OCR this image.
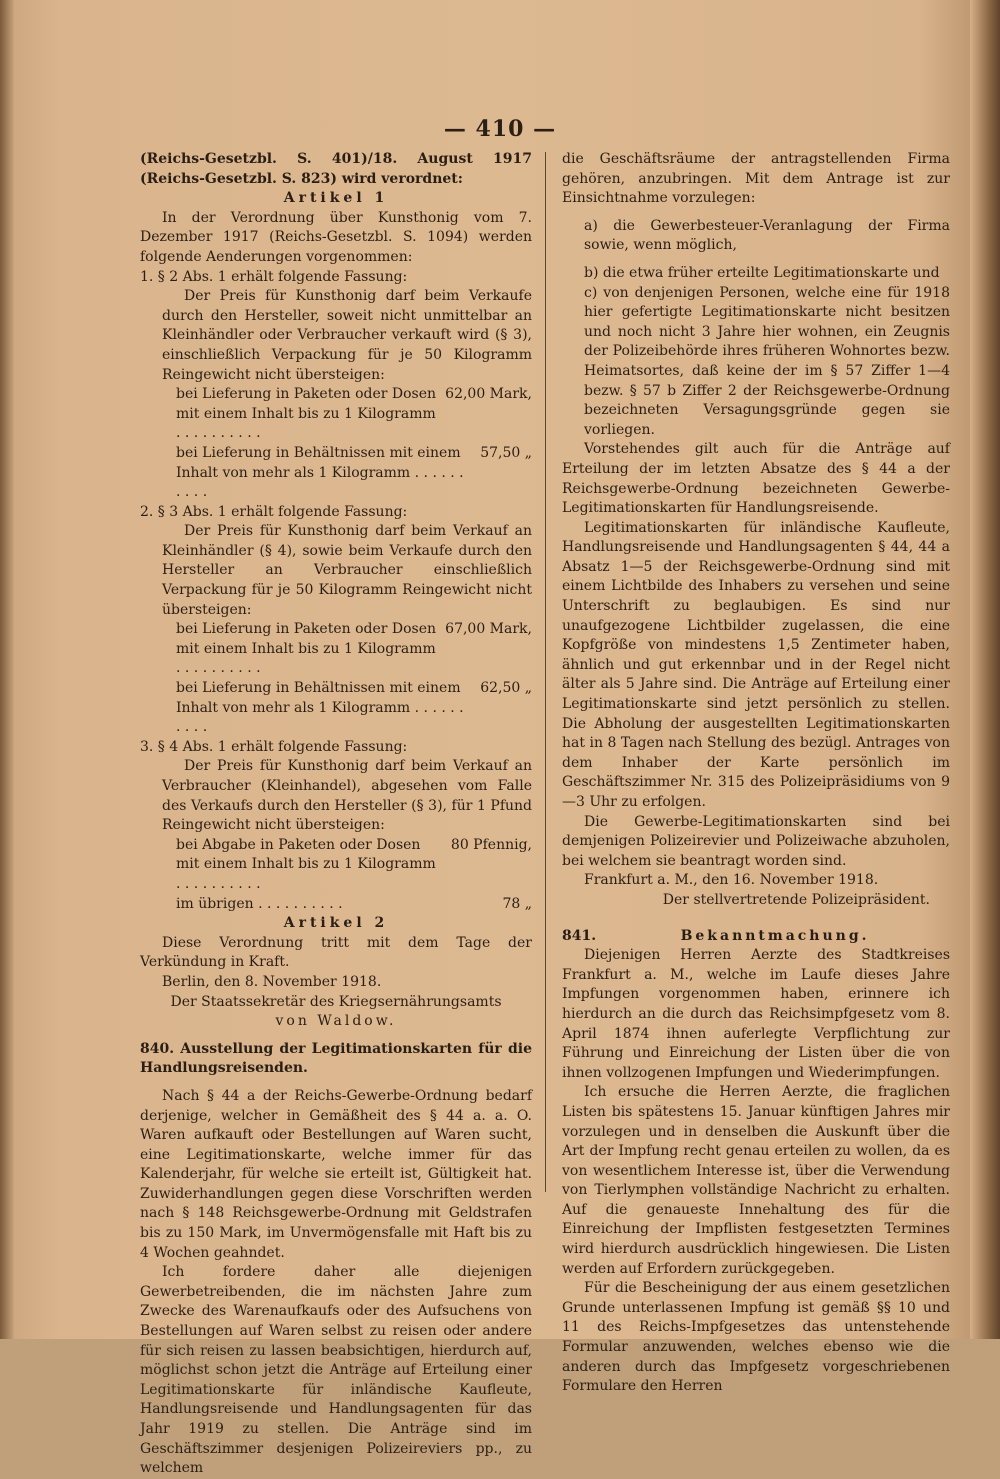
— 410 —

(Reichs-Gesetzbl. S. 401)/18. August 1917 (Reichs-Gesetzbl. S. 823) wird verordnet:

Artikel 1

In der Verordnung über Kunsthonig vom 7. Dezember 1917 (Reichs-Gesetzbl. S. 1094) werden folgende Aenderungen vorgenommen:

1. § 2 Abs. 1 erhält folgende Fassung:

Der Preis für Kunsthonig darf beim Verkaufe durch den Hersteller, soweit nicht unmittelbar an Kleinhändler oder Verbraucher verkauft wird (§ 3), einschließlich Verpackung für je 50 Kilogramm Reingewicht nicht übersteigen:

bei Lieferung in Paketen oder Dosen mit einem Inhalt bis zu 1 Kilogramm . . . . . . . . . .
62,00 Mark,
bei Lieferung in Behältnissen mit einem Inhalt von mehr als 1 Kilogramm . . . . . . . . . .
57,50 „

2. § 3 Abs. 1 erhält folgende Fassung:

Der Preis für Kunsthonig darf beim Verkauf an Kleinhändler (§ 4), sowie beim Verkaufe durch den Hersteller an Verbraucher einschließlich Verpackung für je 50 Kilogramm Reingewicht nicht übersteigen:

bei Lieferung in Paketen oder Dosen mit einem Inhalt bis zu 1 Kilogramm . . . . . . . . . .
67,00 Mark,
bei Lieferung in Behältnissen mit einem Inhalt von mehr als 1 Kilogramm . . . . . . . . . .
62,50 „

3. § 4 Abs. 1 erhält folgende Fassung:

Der Preis für Kunsthonig darf beim Verkauf an Verbraucher (Kleinhandel), abgesehen vom Falle des Verkaufs durch den Hersteller (§ 3), für 1 Pfund Reingewicht nicht übersteigen:

bei Abgabe in Paketen oder Dosen mit einem Inhalt bis zu 1 Kilogramm . . . . . . . . . .
80 Pfennig,
im übrigen . . . . . . . . . .	78 „

Artikel 2

Diese Verordnung tritt mit dem Tage der Verkündung in Kraft.

Berlin, den 8. November 1918.

Der Staatssekretär des Kriegsernährungsamts

von Waldow.

840. Ausstellung der Legitimationskarten für die Handlungsreisenden.

Nach § 44 a der Reichs-Gewerbe-Ordnung bedarf derjenige, welcher in Gemäßheit des § 44 a. a. O. Waren aufkauft oder Bestellungen auf Waren sucht, eine Legitimationskarte, welche immer für das Kalenderjahr, für welche sie erteilt ist, Gültigkeit hat. Zuwiderhandlungen gegen diese Vorschriften werden nach § 148 Reichsgewerbe-Ordnung mit Geldstrafen bis zu 150 Mark, im Unvermögensfalle mit Haft bis zu 4 Wochen geahndet.

Ich fordere daher alle diejenigen Gewerbetreibenden, die im nächsten Jahre zum Zwecke des Warenaufkaufs oder des Aufsuchens von Bestellungen auf Waren selbst zu reisen oder andere für sich reisen zu lassen beabsichtigen, hierdurch auf, möglichst schon jetzt die Anträge auf Erteilung einer Legitimationskarte für inländische Kaufleute, Handlungsreisende und Handlungsagenten für das Jahr 1919 zu stellen. Die Anträge sind im Geschäftszimmer desjenigen Polizeireviers pp., zu welchem

die Geschäftsräume der antragstellenden Firma gehören, anzubringen. Mit dem Antrage ist zur Einsichtnahme vorzulegen:

a) die Gewerbesteuer-Veranlagung der Firma sowie, wenn möglich,

b) die etwa früher erteilte Legitimationskarte und

c) von denjenigen Personen, welche eine für 1918 hier gefertigte Legitimationskarte nicht besitzen und noch nicht 3 Jahre hier wohnen, ein Zeugnis der Polizeibehörde ihres früheren Wohnortes bezw. Heimatsortes, daß keine der im § 57 Ziffer 1—4 bezw. § 57 b Ziffer 2 der Reichsgewerbe-Ordnung bezeichneten Versagungsgründe gegen sie vorliegen.

Vorstehendes gilt auch für die Anträge auf Erteilung der im letzten Absatze des § 44 a der Reichsgewerbe-Ordnung bezeichneten Gewerbe-Legitimationskarten für Handlungsreisende.

Legitimationskarten für inländische Kaufleute, Handlungsreisende und Handlungsagenten § 44, 44 a Absatz 1—5 der Reichsgewerbe-Ordnung sind mit einem Lichtbilde des Inhabers zu versehen und seine Unterschrift zu beglaubigen. Es sind nur unaufgezogene Lichtbilder zugelassen, die eine Kopfgröße von mindestens 1,5 Zentimeter haben, ähnlich und gut erkennbar und in der Regel nicht älter als 5 Jahre sind. Die Anträge auf Erteilung einer Legitimationskarte sind jetzt persönlich zu stellen. Die Abholung der ausgestellten Legitimationskarten hat in 8 Tagen nach Stellung des bezügl. Antrages von dem Inhaber der Karte persönlich im Geschäftszimmer Nr. 315 des Polizeipräsidiums von 9—3 Uhr zu erfolgen.

Die Gewerbe-Legitimationskarten sind bei demjenigen Polizeirevier und Polizeiwache abzuholen, bei welchem sie beantragt worden sind.

Frankfurt a. M., den 16. November 1918.

Der stellvertretende Polizeipräsident.

841.	Bekanntmachung.

Diejenigen Herren Aerzte des Stadtkreises Frankfurt a. M., welche im Laufe dieses Jahre Impfungen vorgenommen haben, erinnere ich hierdurch an die durch das Reichsimpfgesetz vom 8. April 1874 ihnen auferlegte Verpflichtung zur Führung und Einreichung der Listen über die von ihnen vollzogenen Impfungen und Wiederimpfungen.

Ich ersuche die Herren Aerzte, die fraglichen Listen bis spätestens 15. Januar künftigen Jahres mir vorzulegen und in denselben die Auskunft über die Art der Impfung recht genau erteilen zu wollen, da es von wesentlichem Interesse ist, über die Verwendung von Tierlymphen vollständige Nachricht zu erhalten. Auf die genaueste Innehaltung des für die Einreichung der Impflisten festgesetzten Termines wird hierdurch ausdrücklich hingewiesen. Die Listen werden auf Erfordern zurückgegeben.

Für die Bescheinigung der aus einem gesetzlichen Grunde unterlassenen Impfung ist gemäß §§ 10 und 11 des Reichs-Impfgesetzes das untenstehende Formular anzuwenden, welches ebenso wie die anderen durch das Impfgesetz vorgeschriebenen Formulare den Herren
